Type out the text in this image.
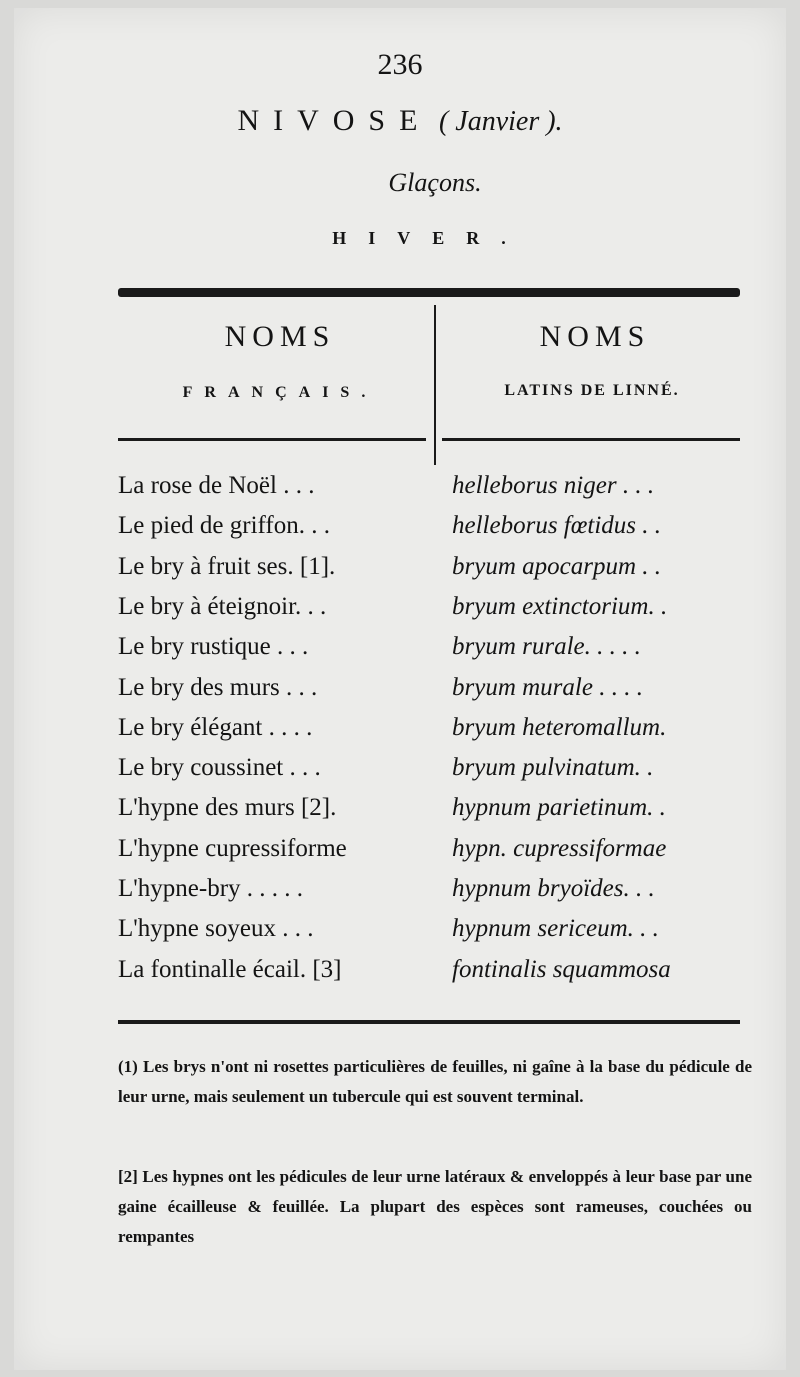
236
NIVOSE ( Janvier ).
Glaçons.
HIVER.
NOMS
FRANÇAIS.
NOMS
LATINS DE LINNÉ.
La rose de Noël . . .	helleborus niger . . .
Le pied de griffon. . .	helleborus fœtidus . .
Le bry à fruit ses. [1].	bryum apocarpum . .
Le bry à éteignoir. . .	bryum extinctorium. .
Le bry rustique . . .	bryum rurale. . . . .
Le bry des murs . . .	bryum murale . . . .
Le bry élégant . . . .	bryum heteromallum.
Le bry coussinet . . .	bryum pulvinatum. .
L'hypne des murs [2].	hypnum parietinum. .
L'hypne cupressiforme	hypn. cupressiformae
L'hypne-bry . . . . .	hypnum bryoïdes. . .
L'hypne soyeux . . .	hypnum sericeum. . .
La fontinalle écail. [3]	fontinalis squammosa
(1) Les brys n'ont ni rosettes particulières de feuilles, ni gaîne à la base du pédicule de leur urne, mais seulement un tubercule qui est souvent terminal.
[2] Les hypnes ont les pédicules de leur urne latéraux & enveloppés à leur base par une gaine écailleuse & feuillée. La plupart des espèces sont rameuses, couchées ou rempantes
